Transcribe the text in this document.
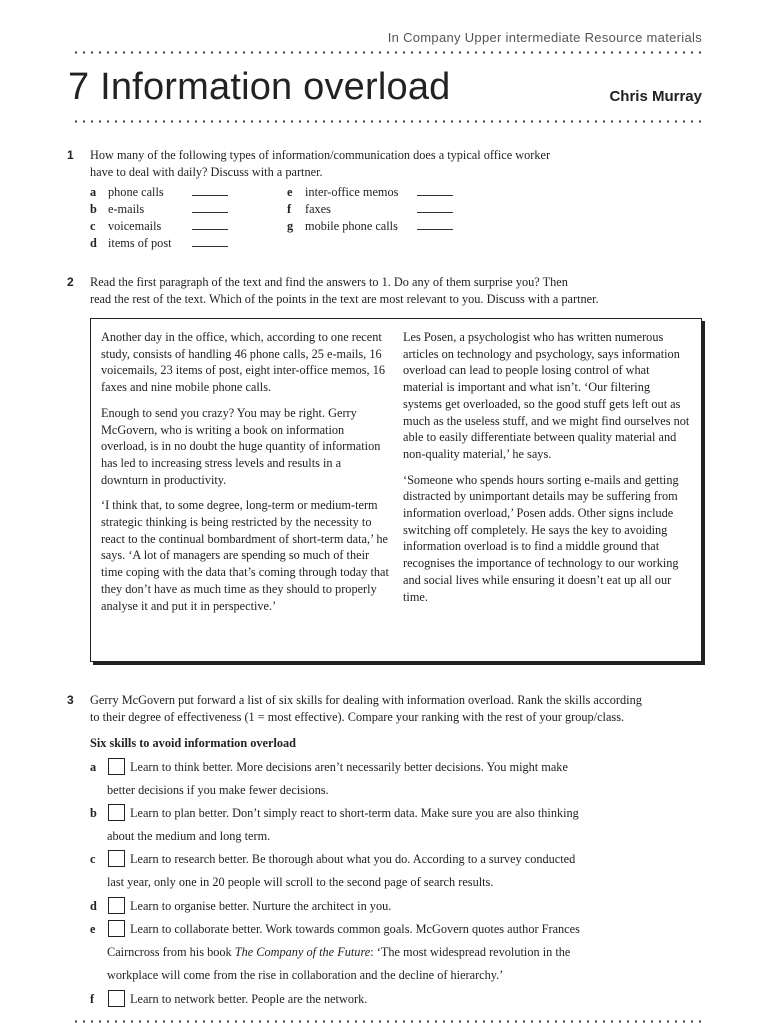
In Company Upper intermediate Resource materials
7 Information overload	Chris Murray
1 How many of the following types of information/communication does a typical office worker
have to deal with daily? Discuss with a partner.
a phone calls
b e-mails
c voicemails
d items of post
e inter-office memos
f faxes
g mobile phone calls
2 Read the first paragraph of the text and find the answers to 1. Do any of them surprise you? Then
read the rest of the text. Which of the points in the text are most relevant to you. Discuss with a partner.

Another day in the office, which, according to one recent study, consists of handling 46 phone calls, 25 e-mails, 16 voicemails, 23 items of post, eight inter-office memos, 16 faxes and nine mobile phone calls.

Enough to send you crazy? You may be right. Gerry McGovern, who is writing a book on information overload, is in no doubt the huge quantity of information has led to increasing stress levels and results in a downturn in productivity.

‘I think that, to some degree, long-term or medium-term strategic thinking is being restricted by the necessity to react to the continual bombardment of short-term data,’ he says. ‘A lot of managers are spending so much of their time coping with the data that’s coming through today that they don’t have as much time as they should to properly analyse it and put it in perspective.’

Les Posen, a psychologist who has written numerous articles on technology and psychology, says information overload can lead to people losing control of what material is important and what isn’t. ‘Our filtering systems get overloaded, so the good stuff gets left out as much as the useless stuff, and we might find ourselves not able to easily differentiate between quality material and non-quality material,’ he says.

‘Someone who spends hours sorting e-mails and getting distracted by unimportant details may be suffering from information overload,’ Posen adds. Other signs include switching off completely. He says the key to avoiding information overload is to find a middle ground that recognises the importance of technology to our working and social lives while ensuring it doesn’t eat up all our time.

3 Gerry McGovern put forward a list of six skills for dealing with information overload. Rank the skills according
to their degree of effectiveness (1 = most effective). Compare your ranking with the rest of your group/class.
Six skills to avoid information overload
a	Learn to think better. More decisions aren’t necessarily better decisions. You might make
better decisions if you make fewer decisions.
b	Learn to plan better. Don’t simply react to short-term data. Make sure you are also thinking
about the medium and long term.
c	Learn to research better. Be thorough about what you do. According to a survey conducted
last year, only one in 20 people will scroll to the second page of search results.
d	Learn to organise better. Nurture the architect in you.
e	Learn to collaborate better. Work towards common goals. McGovern quotes author Frances
Cairncross from his book The Company of the Future: ‘The most widespread revolution in the
workplace will come from the rise in collaboration and the decline of hierarchy.’
f	Learn to network better. People are the network.
